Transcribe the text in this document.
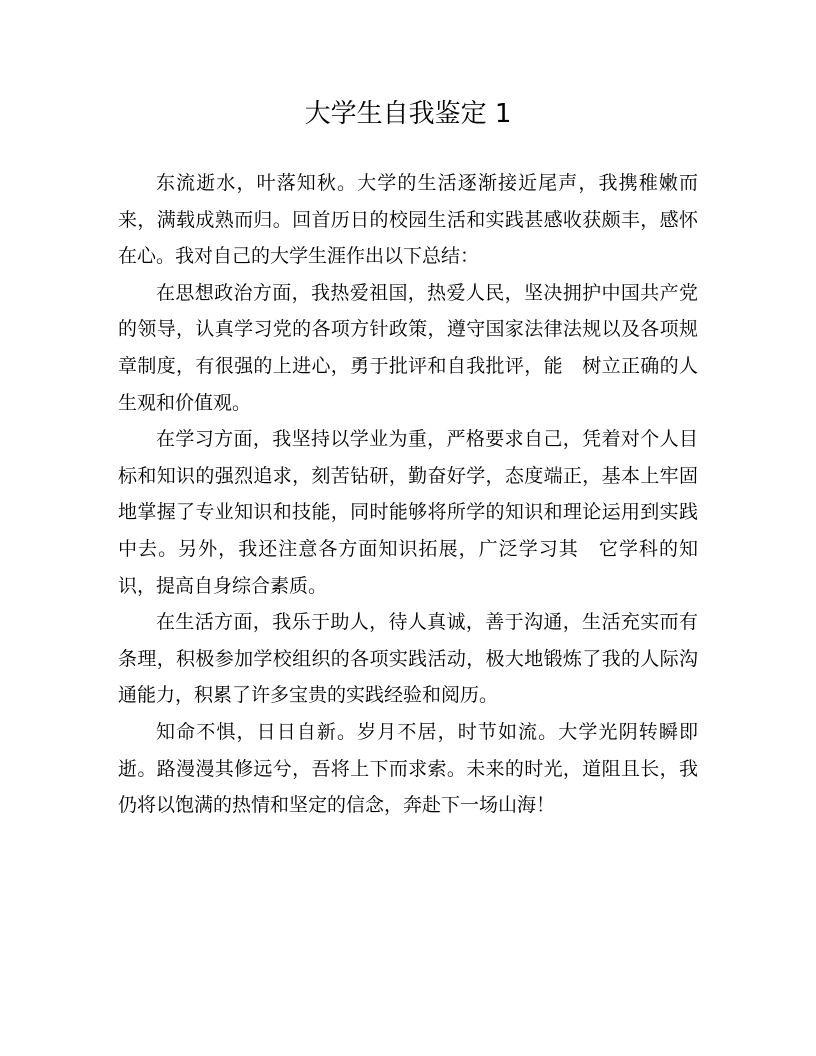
大学生自我鉴定 1

东流逝水，叶落知秋。大学的生活逐渐接近尾声，我携稚嫩而来，满载成熟而归。回首历日的校园生活和实践甚感收获颇丰，感怀在心。我对自己的大学生涯作出以下总结：

在思想政治方面，我热爱祖国，热爱人民，坚决拥护中国共产党的领导，认真学习党的各项方针政策，遵守国家法律法规以及各项规章制度，有很强的上进心，勇于批评和自我批评，能　树立正确的人生观和价值观。

在学习方面，我坚持以学业为重，严格要求自己，凭着对个人目标和知识的强烈追求，刻苦钻研，勤奋好学，态度端正，基本上牢固地掌握了专业知识和技能，同时能够将所学的知识和理论运用到实践中去。另外，我还注意各方面知识拓展，广泛学习其　它学科的知识，提高自身综合素质。

在生活方面，我乐于助人，待人真诚，善于沟通，生活充实而有条理，积极参加学校组织的各项实践活动，极大地锻炼了我的人际沟通能力，积累了许多宝贵的实践经验和阅历。

知命不惧，日日自新。岁月不居，时节如流。大学光阴转瞬即逝。路漫漫其修远兮，吾将上下而求索。未来的时光，道阻且长，我仍将以饱满的热情和坚定的信念，奔赴下一场山海！
